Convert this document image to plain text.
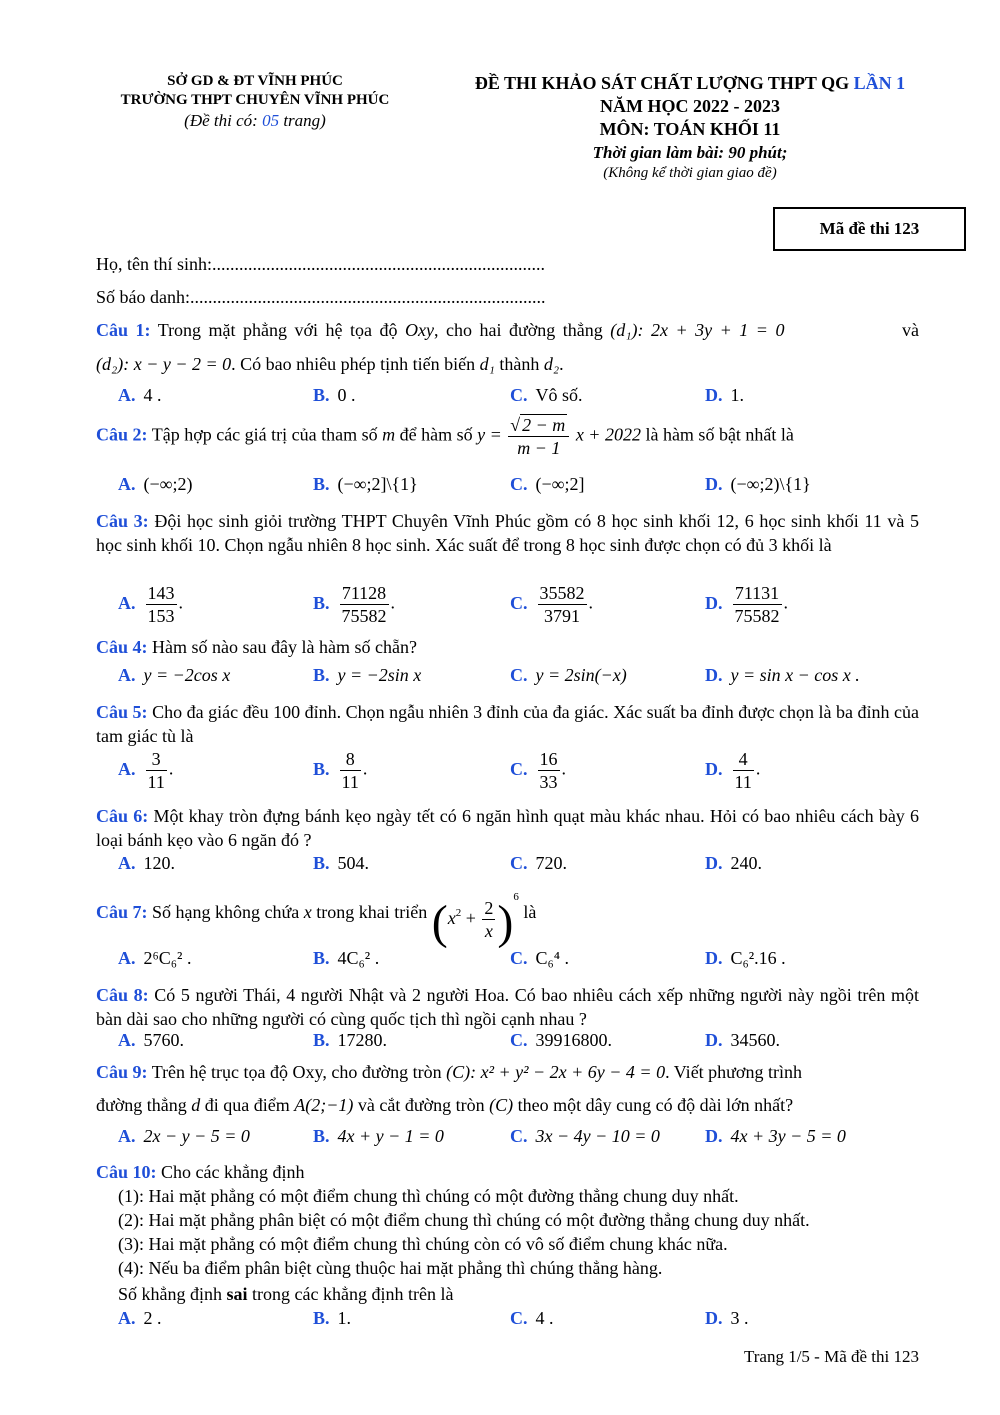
SỞ GD & ĐT VĨNH PHÚC
TRƯỜNG THPT CHUYÊN VĨNH PHÚC
(Đề thi có: 05 trang)
ĐỀ THI KHẢO SÁT CHẤT LƯỢNG THPT QG LẦN 1
NĂM HỌC 2022 - 2023
MÔN: TOÁN KHỐI 11
Thời gian làm bài: 90 phút;
(Không kể thời gian giao đề)
Mã đề thi 123
Họ, tên thí sinh:..........................................................................
Số báo danh:...............................................................................
Câu 1: Trong mặt phẳng với hệ tọa độ Oxy, cho hai đường thẳng (d₁): 2x + 3y + 1 = 0	và
(d₂): x − y − 2 = 0. Có bao nhiêu phép tịnh tiến biến d₁ thành d₂.
A. 4 .	B. 0 .	C. Vô số.	D. 1.
Câu 2: Tập hợp các giá trị của tham số m để hàm số $y = \frac{√ 2 - m}{m - 1}$ x + 2022 là hàm số bật nhất là
A. (−∞;2)	B. (−∞;2]\{1}	C. (−∞;2]	D. (−∞;2)\{1}
Câu 3: Đội học sinh giỏi trường THPT Chuyên Vĩnh Phúc gồm có 8 học sinh khối 12, 6 học sinh khối 11 và 5 học sinh khối 10. Chọn ngẫu nhiên 8 học sinh. Xác suất để trong 8 học sinh được chọn có đủ 3 khối là
A. $\frac{143}{153}$ .	B. $\frac{71128}{75582}$ .	C. $\frac{35582}{3791}$ .	D. $\frac{71131}{75582}$ .
Câu 4: Hàm số nào sau đây là hàm số chẵn?
A. y = −2cos x	B. y = −2sin x	C. y = 2sin(−x)	D. y = sin x − cos x .
Câu 5: Cho đa giác đều 100 đỉnh. Chọn ngẫu nhiên 3 đỉnh của đa giác. Xác suất ba đỉnh được chọn là ba đỉnh của tam giác tù là
A. $\frac{3}{11}$ .	B. $\frac{8}{11}$ .	C. $\frac{16}{33}$ .	D. $\frac{4}{11}$ .
Câu 6: Một khay tròn đựng bánh kẹo ngày tết có 6 ngăn hình quạt màu khác nhau. Hỏi có bao nhiêu cách bày 6 loại bánh kẹo vào 6 ngăn đó ?
A. 120.	B. 504.	C. 720.	D. 240.
Câu 7: Số hạng không chứa x trong khai triển $(x^2 + \frac{2}{x} )^6$ là
A. 2⁶C₆² .	B. 4C₆² .	C. C₆⁴ .	D. C₆².16 .
Câu 8: Có 5 người Thái, 4 người Nhật và 2 người Hoa. Có bao nhiêu cách xếp những người này ngồi trên một bàn dài sao cho những người có cùng quốc tịch thì ngồi cạnh nhau ?
A. 5760.	B. 17280.	C. 39916800.	D. 34560.
Câu 9: Trên hệ trục tọa độ Oxy, cho đường tròn (C): x² + y² − 2x + 6y − 4 = 0. Viết phương trình
đường thẳng d đi qua điểm A(2;−1) và cắt đường tròn (C) theo một dây cung có độ dài lớn nhất?
A. 2x − y − 5 = 0	B. 4x + y − 1 = 0	C. 3x − 4y − 10 = 0	D. 4x + 3y − 5 = 0
Câu 10: Cho các khẳng định
(1): Hai mặt phẳng có một điểm chung thì chúng có một đường thẳng chung duy nhất.
(2): Hai mặt phẳng phân biệt có một điểm chung thì chúng có một đường thẳng chung duy nhất.
(3): Hai mặt phẳng có một điểm chung thì chúng còn có vô số điểm chung khác nữa.
(4): Nếu ba điểm phân biệt cùng thuộc hai mặt phẳng thì chúng thẳng hàng.
Số khẳng định sai trong các khẳng định trên là
A. 2 .	B. 1.	C. 4 .	D. 3 .
Trang 1/5 - Mã đề thi 123
